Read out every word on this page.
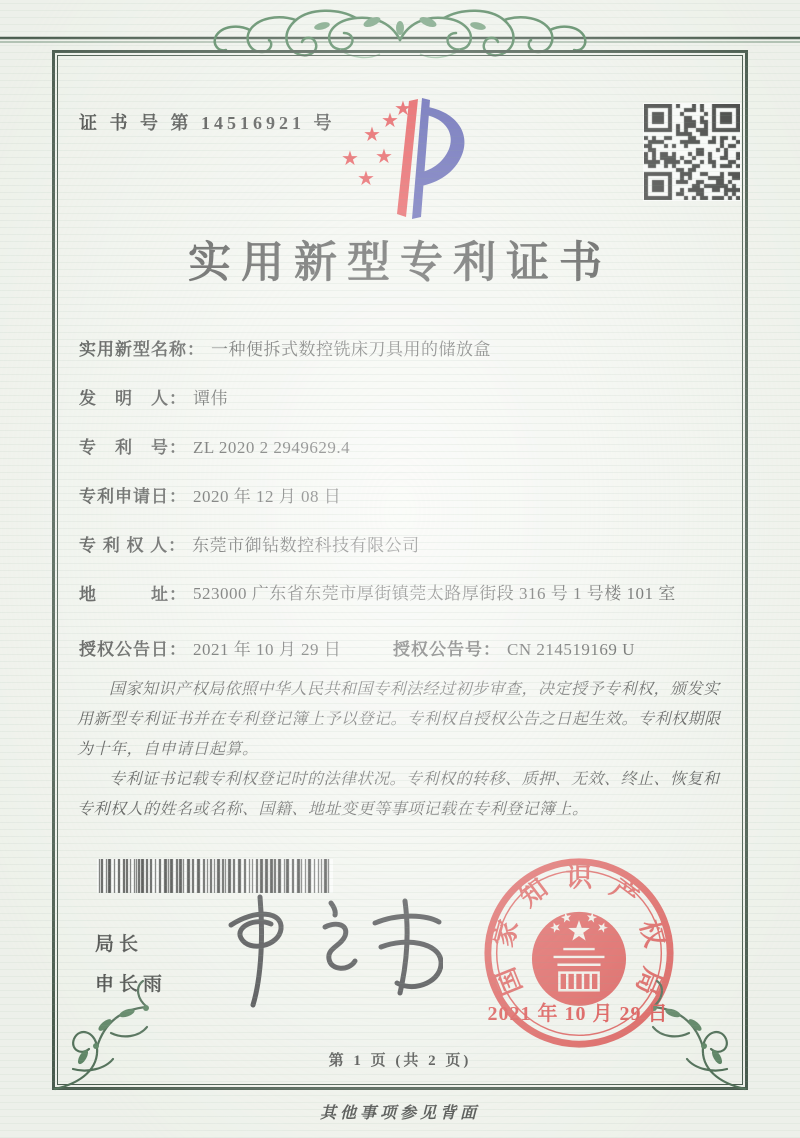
证 书 号 第 14516921 号
★
★
★
★
★
★
实用新型专利证书
实用新型名称： 一种便拆式数控铣床刀具用的储放盒
发　明　人： 谭伟
专　利　号： ZL 2020 2 2949629.4
专利申请日： 2020 年 12 月 08 日
专 利 权 人： 东莞市御钻数控科技有限公司
地　　　址： 523000 广东省东莞市厚街镇莞太路厚街段 316 号 1 号楼 101 室
授权公告日： 2021 年 10 月 29 日	授权公告号： CN 214519169 U

国家知识产权局依照中华人民共和国专利法经过初步审查，决定授予专利权，颁发实用新型专利证书并在专利登记簿上予以登记。专利权自授权公告之日起生效。专利权期限为十年，自申请日起算。

专利证书记载专利权登记时的法律状况。专利权的转移、质押、无效、终止、恢复和专利权人的姓名或名称、国籍、地址变更等事项记载在专利登记簿上。

局长
申长雨	国
家
知 识 产
权
局
2021 年 10 月 29 日
第 1 页 (共 2 页)
其他事项参见背面
